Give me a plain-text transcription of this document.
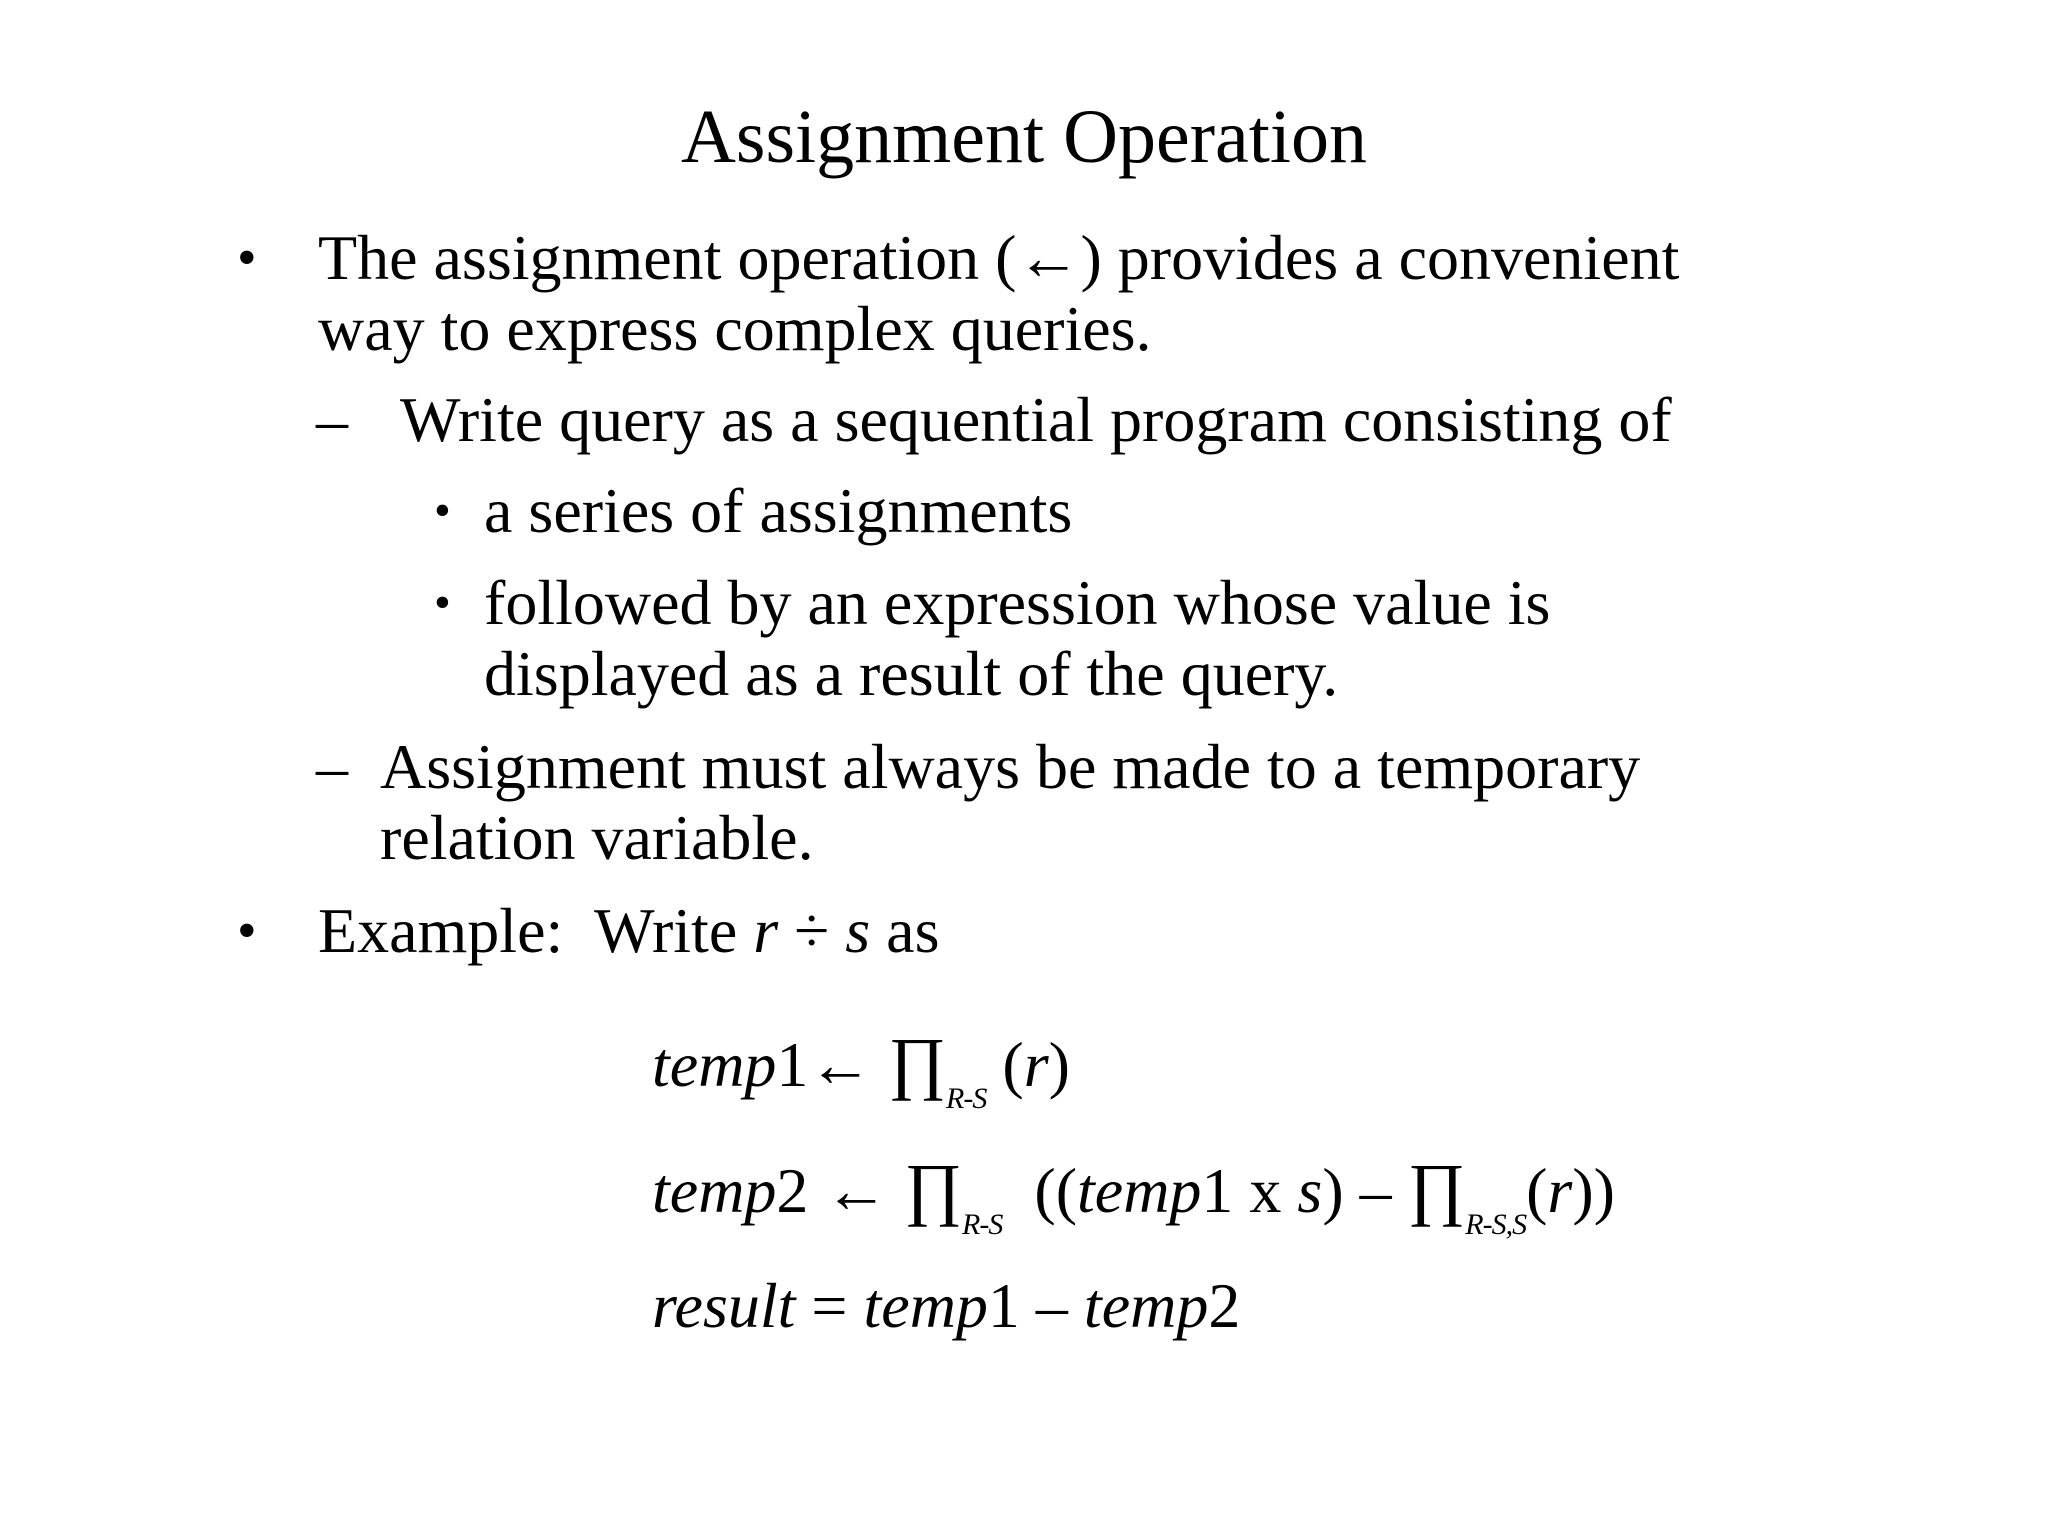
Assignment Operation
• The assignment operation (←) provides a convenient
way to express complex queries.
– Write query as a sequential program consisting of
• a series of assignments
• followed by an expression whose value is
displayed as a result of the query.
– Assignment must always be made to a temporary
relation variable.
• Example:  Write r ÷ s as
temp1← $\prod_{R-S}$ (r)
temp2 ← $\prod_{R-S}$  ((temp1 x $s) - \prod_{R-S,S}(r)$)
result = temp1 – temp2
